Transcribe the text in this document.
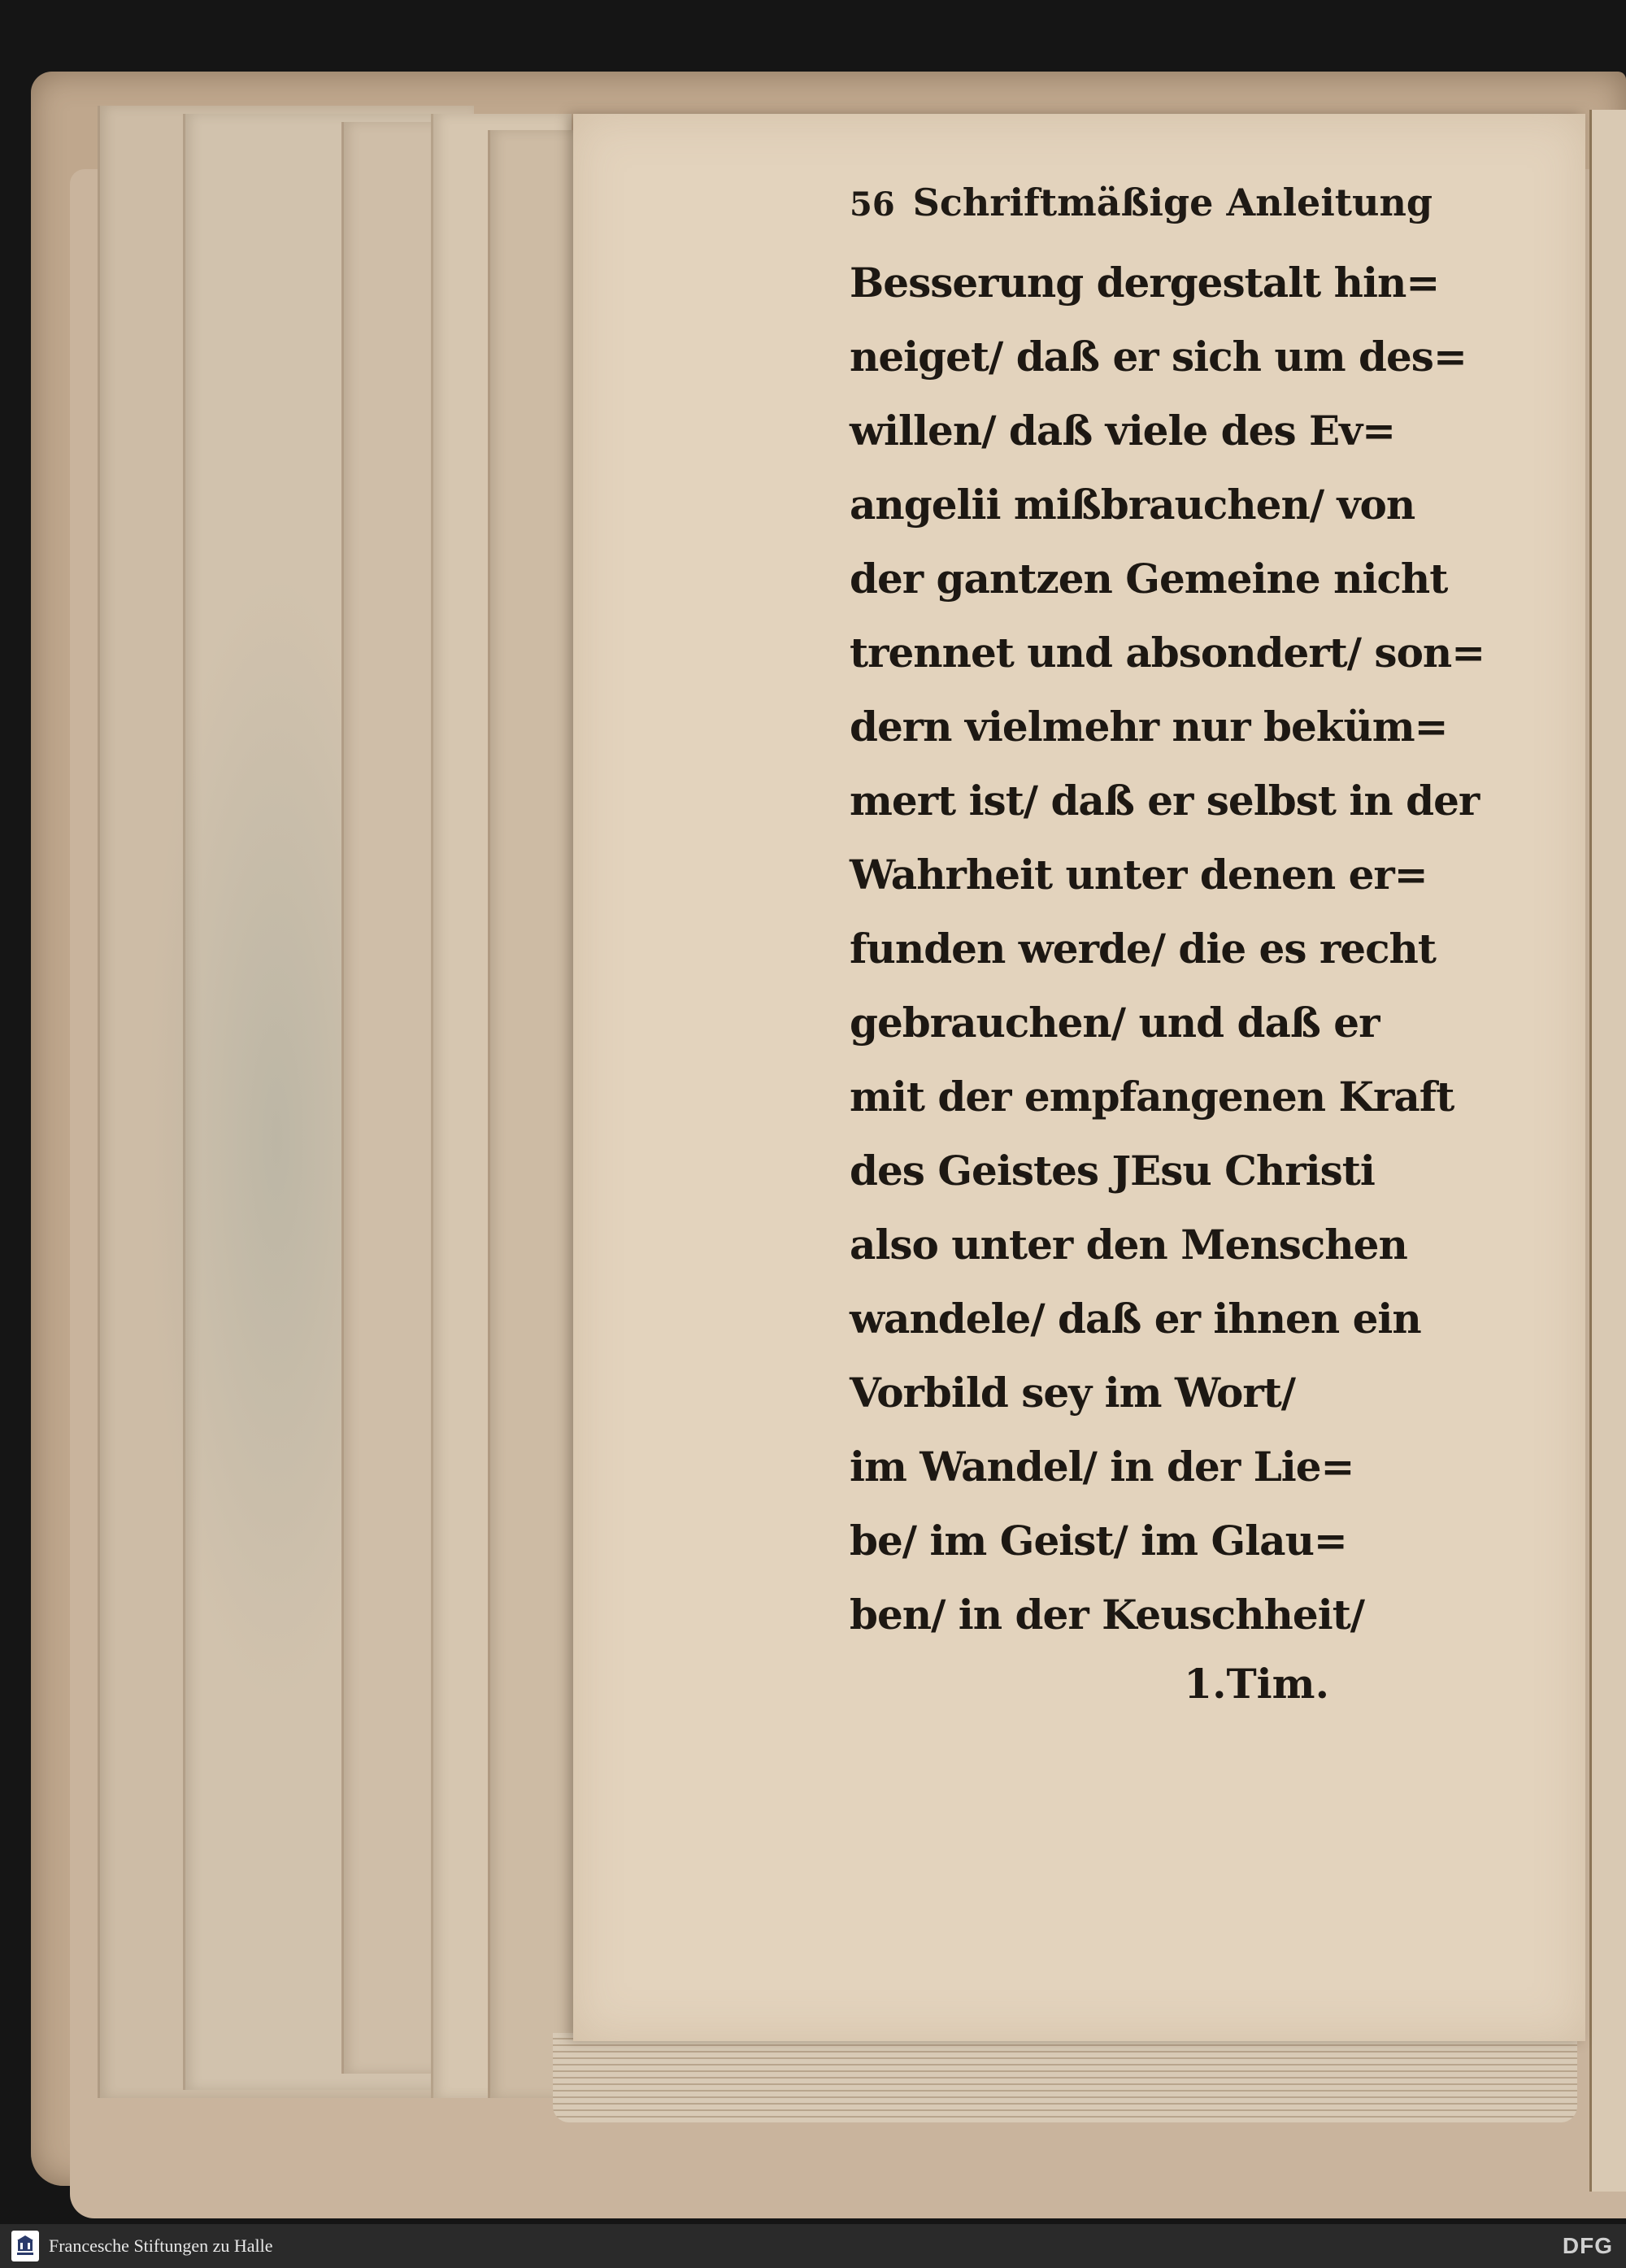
56 Schriftmäßige Anleitung
Besserung dergestalt hin=
neiget/ daß er sich um des=
willen/ daß viele des Ev=
angelii mißbrauchen/ von
der gantzen Gemeine nicht
trennet und absondert/ son=
dern vielmehr nur beküm=
mert ist/ daß er selbst in der
Wahrheit unter denen er=
funden werde/ die es recht
gebrauchen/ und daß er
mit der empfangenen Kraft
des Geistes JEsu Christi
also unter den Menschen
wandele/ daß er ihnen ein
Vorbild sey im Wort/
im Wandel/ in der Lie=
be/ im Geist/ im Glau=
ben/ in der Keuschheit/
1.Tim.
Francesche Stiftungen zu Halle	DFG
